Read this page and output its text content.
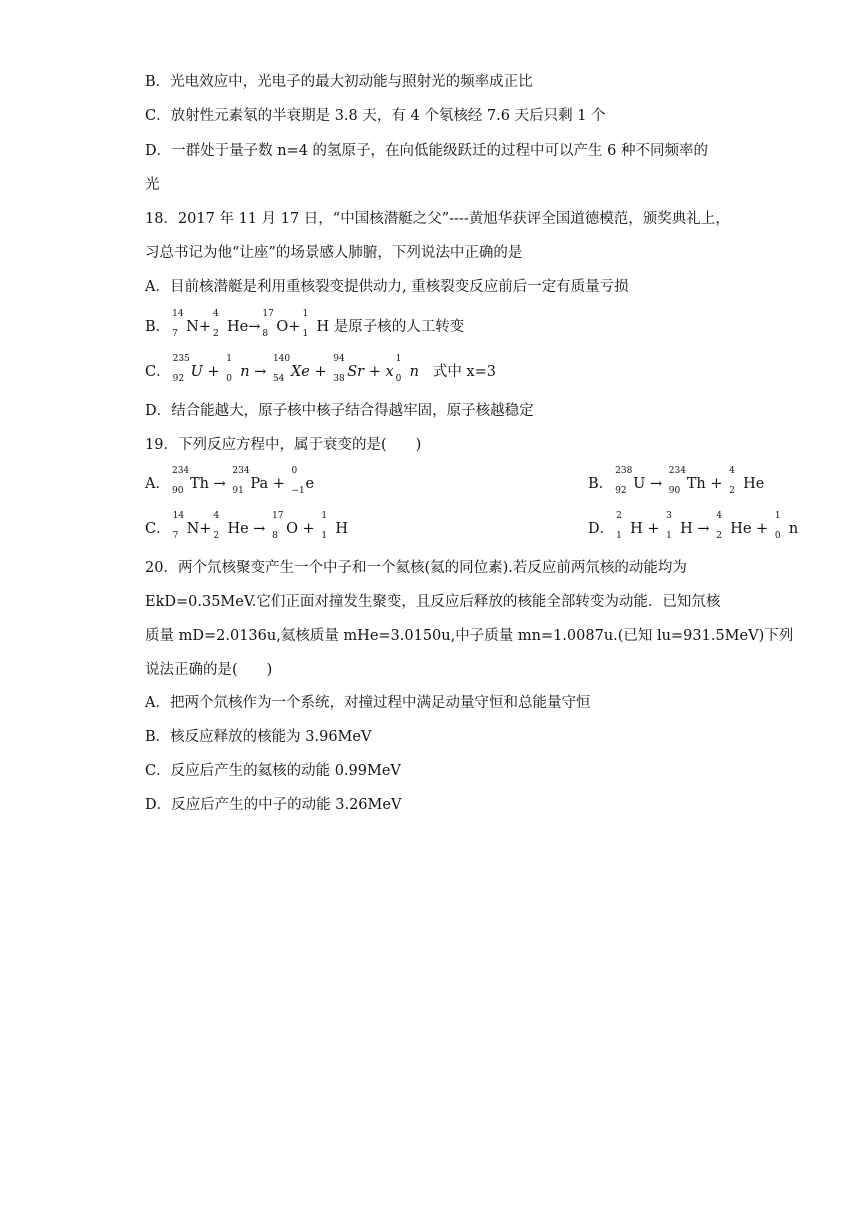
B．光电效应中，光电子的最大初动能与照射光的频率成正比
C．放射性元素氡的半衰期是 3.8 天，有 4 个氡核经 7.6 天后只剩 1 个
D．一群处于量子数 n=4 的氢原子，在向低能级跃迁的过程中可以产生 6 种不同频率的
光
18．2017 年 11 月 17 日，“中国核潜艇之父”----黄旭华获评全国道德模范，颁奖典礼上，
习总书记为他“让座”的场景感人肺腑，下列说法中正确的是
A．目前核潜艇是利用重核裂变提供动力, 重核裂变反应前后一定有质量亏损
B．
14
7 N+
4
2 He→
17
8 O+
1
1 H 是原子核的人工转变
C．
235
92 U +
1
0 n →
140
54 Xe +
94
38 Sr + x
1
0 n 式中 x=3
D．结合能越大，原子核中核子结合得越牢固，原子核越稳定
19．下列反应方程中，属于衰变的是(　　)
A．
234
90 Th →
234
91 Pa +
0
−1 e	B．
238
92 U →
234
90 Th +
4
2 He
C．
14
7 N+
4
2 He →
17
8 O +
1
1 H	D．
2
1 H +
3
1 H →
4
2 He +
1
0 n
20．两个氘核聚变产生一个中子和一个氦核(氦的同位素).若反应前两氘核的动能均为
EkD=0.35MeV.它们正面对撞发生聚变，且反应后释放的核能全部转变为动能．已知氘核
质量 mD=2.0136u,氦核质量 mHe=3.0150u,中子质量 mn=1.0087u.(已知 lu=931.5MeV)下列
说法正确的是(　　)
A．把两个氘核作为一个系统，对撞过程中满足动量守恒和总能量守恒
B．核反应释放的核能为 3.96MeV
C．反应后产生的氦核的动能 0.99MeV
D．反应后产生的中子的动能 3.26MeV
